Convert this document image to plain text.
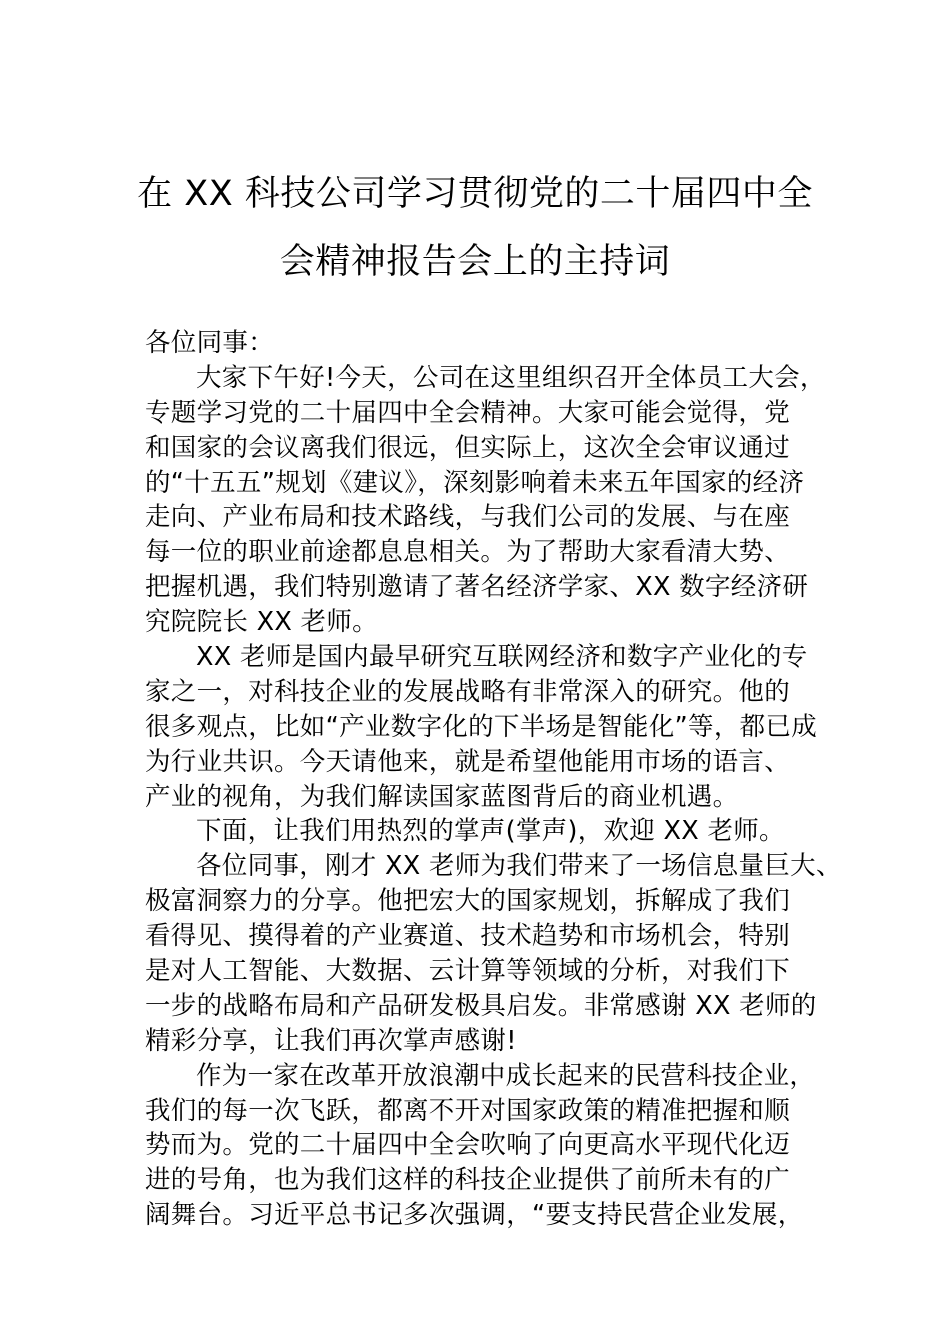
在 XX 科技公司学习贯彻党的二十届四中全
会精神报告会上的主持词
各位同事：
大家下午好!今天，公司在这里组织召开全体员工大会，
专题学习党的二十届四中全会精神。大家可能会觉得，党
和国家的会议离我们很远，但实际上，这次全会审议通过
的“十五五”规划《建议》，深刻影响着未来五年国家的经济
走向、产业布局和技术路线，与我们公司的发展、与在座
每一位的职业前途都息息相关。为了帮助大家看清大势、
把握机遇，我们特别邀请了著名经济学家、XX 数字经济研
究院院长 XX 老师。
XX 老师是国内最早研究互联网经济和数字产业化的专
家之一，对科技企业的发展战略有非常深入的研究。他的
很多观点，比如“产业数字化的下半场是智能化”等，都已成
为行业共识。今天请他来，就是希望他能用市场的语言、
产业的视角，为我们解读国家蓝图背后的商业机遇。
下面，让我们用热烈的掌声(掌声)，欢迎 XX 老师。
各位同事，刚才 XX 老师为我们带来了一场信息量巨大、
极富洞察力的分享。他把宏大的国家规划，拆解成了我们
看得见、摸得着的产业赛道、技术趋势和市场机会，特别
是对人工智能、大数据、云计算等领域的分析，对我们下
一步的战略布局和产品研发极具启发。非常感谢 XX 老师的
精彩分享，让我们再次掌声感谢!
作为一家在改革开放浪潮中成长起来的民营科技企业，
我们的每一次飞跃，都离不开对国家政策的精准把握和顺
势而为。党的二十届四中全会吹响了向更高水平现代化迈
进的号角，也为我们这样的科技企业提供了前所未有的广
阔舞台。习近平总书记多次强调，“要支持民营企业发展，
